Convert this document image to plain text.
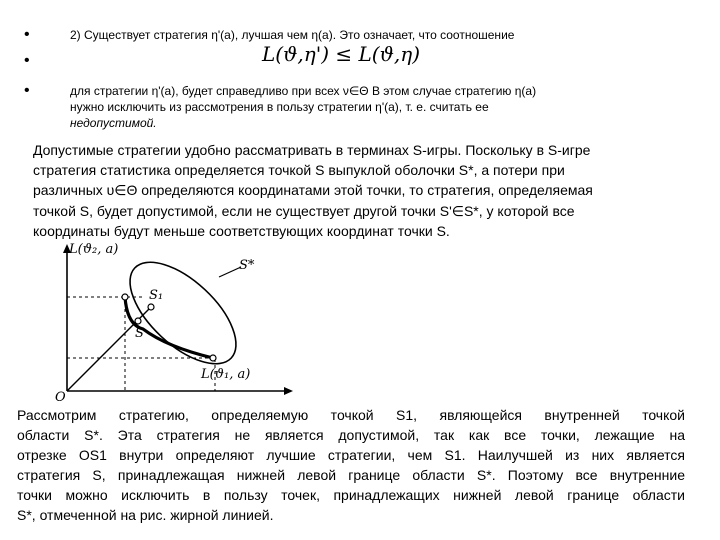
•	2) Существует стратегия η'(a), лучшая чем η(a). Это означает, что соотношение
•	L(ϑ,η') ≤ L(ϑ,η)
•	для стратегии η'(a), будет справедливо при всех ν∈Θ В этом случае стратегию η(a)
нужно исключить из рассмотрения в пользу стратегии η'(a), т. е. считать ее
недопустимой.
Допустимые стратегии удобно рассматривать в терминах S-игры. Поскольку в S-игре
стратегия статистика определяется точкой S выпуклой оболочки S*, а потери при
различных υ∈Θ определяются координатами этой точки, то стратегия, определяемая
точкой S, будет допустимой, если не существует другой точки S'∈S*, у которой все
координаты будут меньше соответствующих координат точки S.
L(ϑ₂, a)
L(ϑ₁, a)
O
S*
S₁
S
Рассмотрим стратегию, определяемую точкой S1, являющейся внутренней точкой
области S*. Эта стратегия не является допустимой, так как все точки, лежащие на
отрезке OS1 внутри определяют лучшие стратегии, чем S1. Наилучшей из них является
стратегия S, принадлежащая нижней левой границе области S*. Поэтому все внутренние
точки можно исключить в пользу точек, принадлежащих нижней левой границе области
S*, отмеченной на рис. жирной линией.
